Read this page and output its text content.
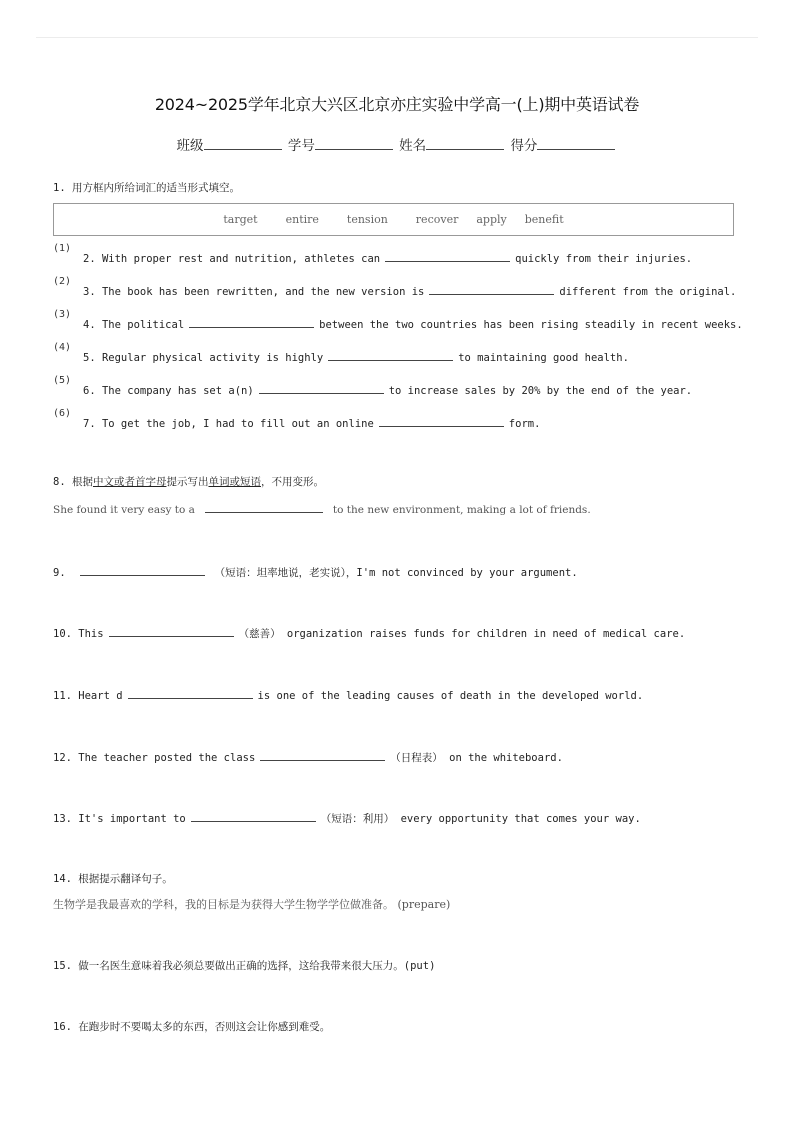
2024~2025学年北京大兴区北京亦庄实验中学高一(上)期中英语试卷
班级	学号	姓名	得分
1. 用方框内所给词汇的适当形式填空。
target	entire	tension	recover apply benefit
(1)
2. With proper rest and nutrition, athletes can	quickly from their injuries.
(2)
3. The book has been rewritten, and the new version is	different from the original.
(3)
4. The political	between the two countries has been rising steadily in recent weeks.
(4)
5. Regular physical activity is highly	to maintaining good health.
(5)
6. The company has set a(n)	to increase sales by 20% by the end of the year.
(6)
7. To get the job, I had to fill out an online	form.
8. 根据中文或者首字母提示写出单词或短语，不用变形。
She found it very easy to a	to the new environment, making a lot of friends.
9.	（短语：坦率地说，老实说），I'm not convinced by your argument.
10. This	（慈善） organization raises funds for children in need of medical care.
11. Heart d	is one of the leading causes of death in the developed world.
12. The teacher posted the class	（日程表） on the whiteboard.
13. It's important to	（短语：利用） every opportunity that comes your way.
14. 根据提示翻译句子。
生物学是我最喜欢的学科，我的目标是为获得大学生物学学位做准备。 (prepare)
15. 做一名医生意味着我必须总要做出正确的选择，这给我带来很大压力。(put)
16. 在跑步时不要喝太多的东西，否则这会让你感到难受。
